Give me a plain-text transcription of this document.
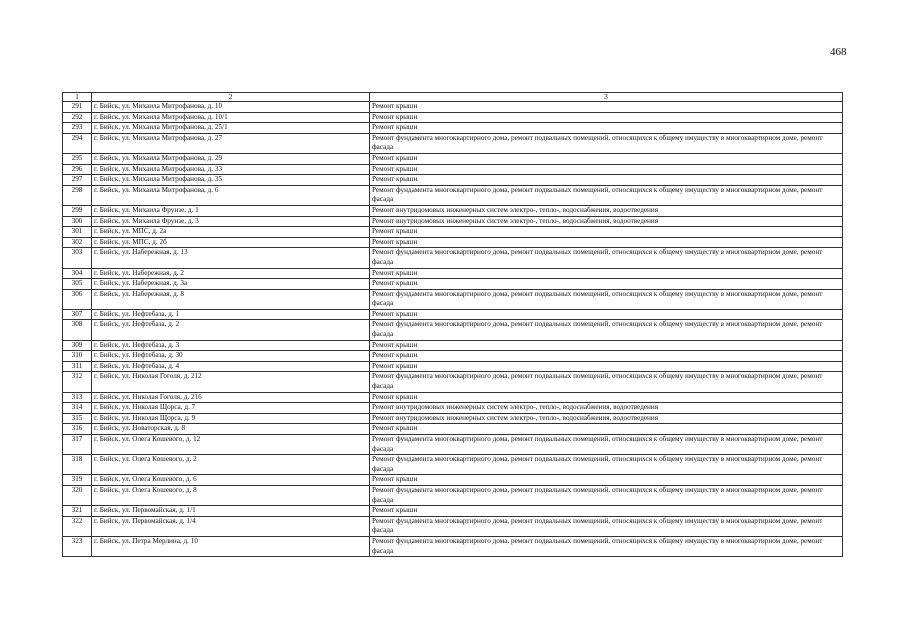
468
1	2	3
291	г. Бийск, ул. Михаила Митрофанова, д. 10	Ремонт крыши
292	г. Бийск, ул. Михаила Митрофанова, д. 10/1	Ремонт крыши
293	г. Бийск, ул. Михаила Митрофанова, д. 25/1	Ремонт крыши
294	г. Бийск, ул. Михаила Митрофанова, д. 27	Ремонт фундамента многоквартирного дома, ремонт подвальных помещений, относящихся к общему имуществу в многоквартирном доме, ремонт фасада
295	г. Бийск, ул. Михаила Митрофанова, д. 29	Ремонт крыши
296	г. Бийск, ул. Михаила Митрофанова, д. 33	Ремонт крыши
297	г. Бийск, ул. Михаила Митрофанова, д. 35	Ремонт крыши
298	г. Бийск, ул. Михаила Митрофанова, д. 6	Ремонт фундамента многоквартирного дома, ремонт подвальных помещений, относящихся к общему имуществу в многоквартирном доме, ремонт фасада
299	г. Бийск, ул. Михаила Фрунзе, д. 1	Ремонт внутридомовых инженерных систем электро-, тепло-, водоснабжения, водоотведения
300	г. Бийск, ул. Михаила Фрунзе, д. 3	Ремонт внутридомовых инженерных систем электро-, тепло-, водоснабжения, водоотведения
301	г. Бийск, ул. МПС, д. 2а	Ремонт крыши
302	г. Бийск, ул. МПС, д. 2б	Ремонт крыши
303	г. Бийск, ул. Набережная, д. 13	Ремонт фундамента многоквартирного дома, ремонт подвальных помещений, относящихся к общему имуществу в многоквартирном доме, ремонт фасада
304	г. Бийск, ул. Набережная, д. 2	Ремонт крыши
305	г. Бийск, ул. Набережная, д. 3а	Ремонт крыши
306	г. Бийск, ул. Набережная, д. 8	Ремонт фундамента многоквартирного дома, ремонт подвальных помещений, относящихся к общему имуществу в многоквартирном доме, ремонт фасада
307	г. Бийск, ул. Нефтебаза, д. 1	Ремонт крыши
308	г. Бийск, ул. Нефтебаза, д. 2	Ремонт фундамента многоквартирного дома, ремонт подвальных помещений, относящихся к общему имуществу в многоквартирном доме, ремонт фасада
309	г. Бийск, ул. Нефтебаза, д. 3	Ремонт крыши
310	г. Бийск, ул. Нефтебаза, д. 30	Ремонт крыши
311	г. Бийск, ул. Нефтебаза, д. 4	Ремонт крыши
312	г. Бийск, ул. Николая Гоголя, д. 212	Ремонт фундамента многоквартирного дома, ремонт подвальных помещений, относящихся к общему имуществу в многоквартирном доме, ремонт фасада
313	г. Бийск, ул. Николая Гоголя, д. 216	Ремонт крыши
314	г. Бийск, ул. Николая Щорса, д. 7	Ремонт внутридомовых инженерных систем электро-, тепло-, водоснабжения, водоотведения
315	г. Бийск, ул. Николая Щорса, д. 9	Ремонт внутридомовых инженерных систем электро-, тепло-, водоснабжения, водоотведения
316	г. Бийск, ул. Новаторская, д. 8	Ремонт крыши
317	г. Бийск, ул. Олега Кошевого, д. 12	Ремонт фундамента многоквартирного дома, ремонт подвальных помещений, относящихся к общему имуществу в многоквартирном доме, ремонт фасада
318	г. Бийск, ул. Олега Кошевого, д. 2	Ремонт фундамента многоквартирного дома, ремонт подвальных помещений, относящихся к общему имуществу в многоквартирном доме, ремонт фасада
319	г. Бийск, ул. Олега Кошевого, д. 6	Ремонт крыши
320	г. Бийск, ул. Олега Кошевого, д. 8	Ремонт фундамента многоквартирного дома, ремонт подвальных помещений, относящихся к общему имуществу в многоквартирном доме, ремонт фасада
321	г. Бийск, ул. Первомайская, д. 1/1	Ремонт крыши
322	г. Бийск, ул. Первомайская, д. 1/4	Ремонт фундамента многоквартирного дома, ремонт подвальных помещений, относящихся к общему имуществу в многоквартирном доме, ремонт фасада
323	г. Бийск, ул. Петра Мерлина, д. 10	Ремонт фундамента многоквартирного дома, ремонт подвальных помещений, относящихся к общему имуществу в многоквартирном доме, ремонт фасада
